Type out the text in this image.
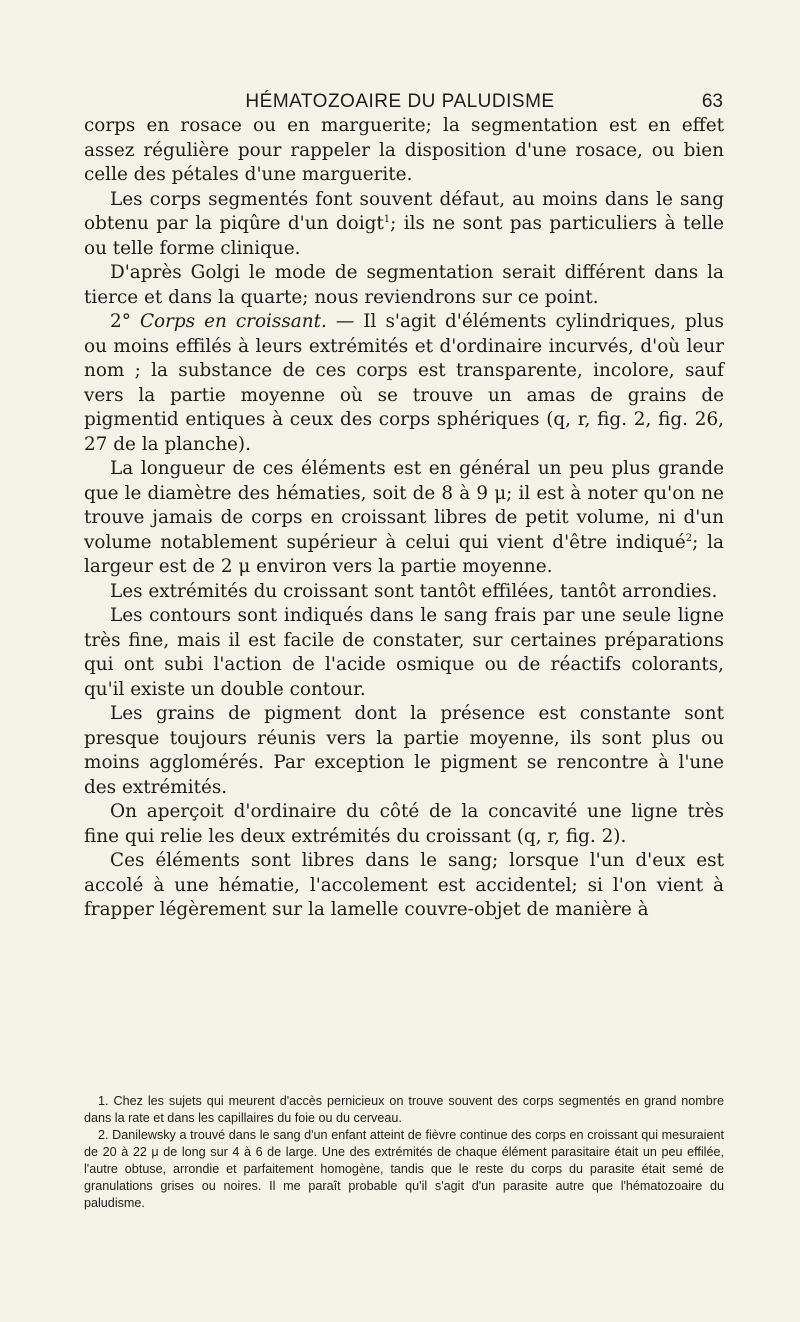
HÉMATOZOAIRE DU PALUDISME	63

corps en rosace ou en marguerite; la segmentation est en effet assez régulière pour rappeler la disposition d'une rosace, ou bien celle des pétales d'une marguerite.

Les corps segmentés font souvent défaut, au moins dans le sang obtenu par la piqûre d'un doigt$^1$; ils ne sont pas particuliers à telle ou telle forme clinique.

D'après Golgi le mode de segmentation serait différent dans la tierce et dans la quarte; nous reviendrons sur ce point.

2° Corps en croissant. — Il s'agit d'éléments cylindriques, plus ou moins effilés à leurs extrémités et d'ordinaire incurvés, d'où leur nom ; la substance de ces corps est transparente, incolore, sauf vers la partie moyenne où se trouve un amas de grains de pigmentid entiques à ceux des corps sphériques (q, r, fig. 2, fig. 26, 27 de la planche).

La longueur de ces éléments est en général un peu plus grande que le diamètre des hématies, soit de 8 à 9 μ; il est à noter qu'on ne trouve jamais de corps en croissant libres de petit volume, ni d'un volume notablement supérieur à celui qui vient d'être indiqué$^2$; la largeur est de 2 μ environ vers la partie moyenne.

Les extrémités du croissant sont tantôt effilées, tantôt arrondies.

Les contours sont indiqués dans le sang frais par une seule ligne très fine, mais il est facile de constater, sur certaines préparations qui ont subi l'action de l'acide osmique ou de réactifs colorants, qu'il existe un double contour.

Les grains de pigment dont la présence est constante sont presque toujours réunis vers la partie moyenne, ils sont plus ou moins agglomérés. Par exception le pigment se rencontre à l'une des extrémités.

On aperçoit d'ordinaire du côté de la concavité une ligne très fine qui relie les deux extrémités du croissant (q, r, fig. 2).

Ces éléments sont libres dans le sang; lorsque l'un d'eux est accolé à une hématie, l'accolement est accidentel; si l'on vient à frapper légèrement sur la lamelle couvre-objet de manière à

1. Chez les sujets qui meurent d'accès pernicieux on trouve souvent des corps segmentés en grand nombre dans la rate et dans les capillaires du foie ou du cerveau.

2. Danilewsky a trouvé dans le sang d'un enfant atteint de fièvre continue des corps en croissant qui mesuraient de 20 à 22 μ de long sur 4 à 6 de large. Une des extrémités de chaque élément parasitaire était un peu effilée, l'autre obtuse, arrondie et parfaitement homogène, tandis que le reste du corps du parasite était semé de granulations grises ou noires. Il me paraît probable qu'il s'agit d'un parasite autre que l'hématozoaire du paludisme.
